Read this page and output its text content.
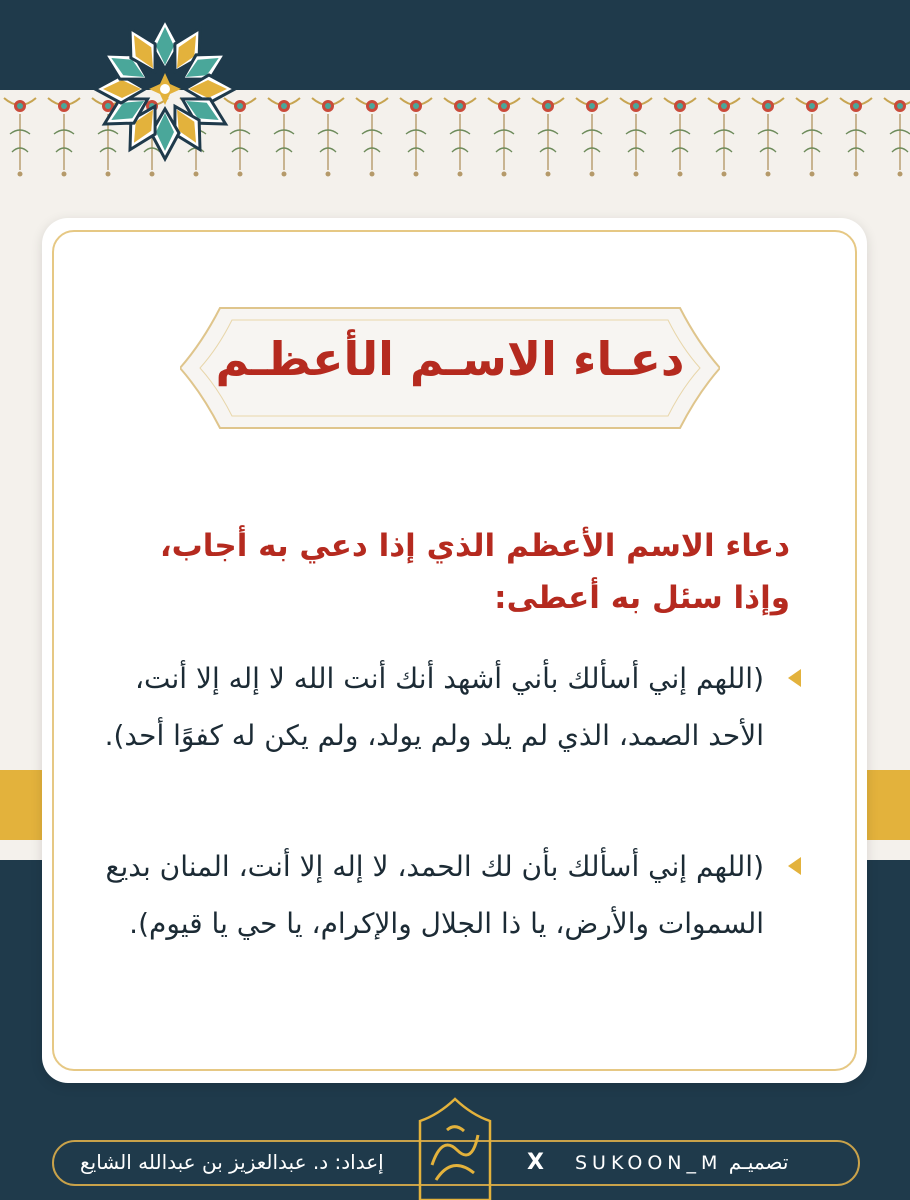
دعـاء الاسـم الأعظـم

دعاء الاسم الأعظم الذي إذا دعي به أجاب، وإذا سئل به أعطى:

(اللهم إني أسألك بأني أشهد أنك أنت الله لا إله إلا أنت، الأحد الصمد، الذي لم يلد ولم يولد، ولم يكن له كفوًا أحد).

(اللهم إني أسألك بأن لك الحمد، لا إله إلا أنت، المنان بديع السموات والأرض، يا ذا الجلال والإكرام، يا حي يا قيوم).

إعداد: د. عبدالعزيز بن عبدالله الشايع	X SUKOON_M تصميـم
